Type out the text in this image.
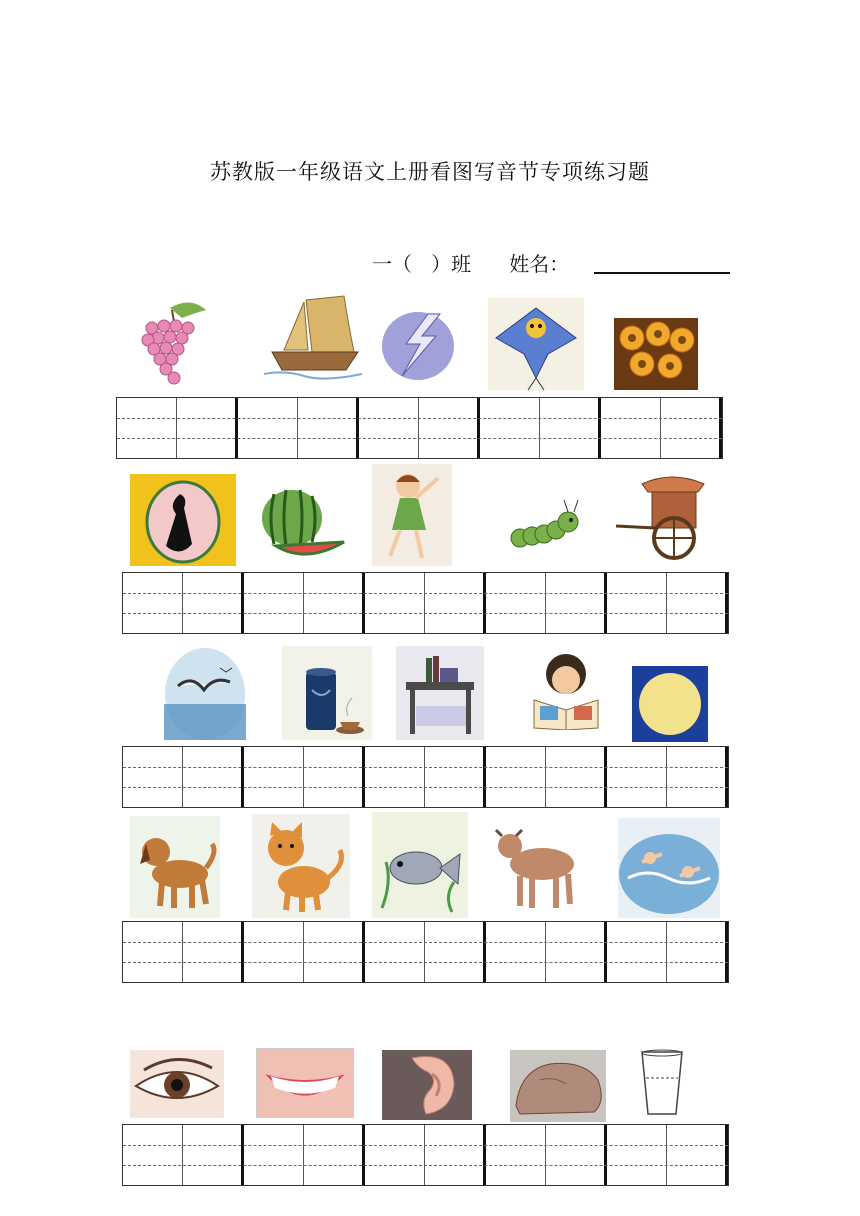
苏教版一年级语文上册看图写音节专项练习题
一（   ）班 姓名：
